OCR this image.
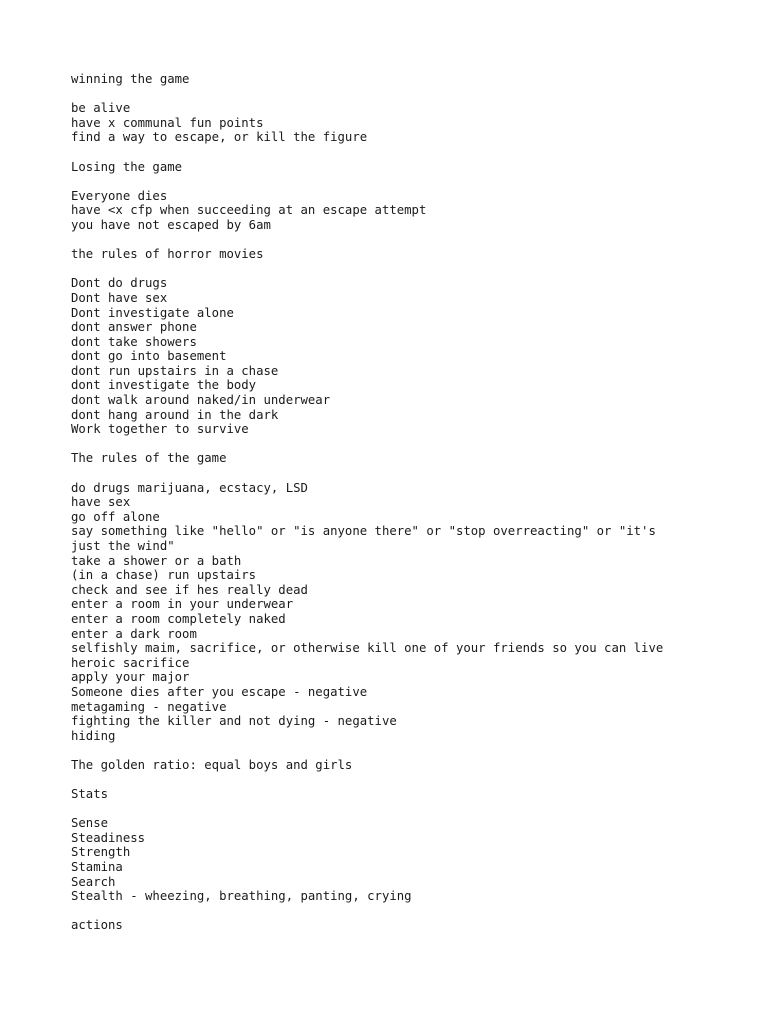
winning the game
be alive
have x communal fun points
find a way to escape, or kill the figure
Losing the game
Everyone dies
have <x cfp when succeeding at an escape attempt
you have not escaped by 6am
the rules of horror movies
Dont do drugs
Dont have sex
Dont investigate alone
dont answer phone
dont take showers
dont go into basement
dont run upstairs in a chase
dont investigate the body
dont walk around naked/in underwear
dont hang around in the dark
Work together to survive
The rules of the game
do drugs marijuana, ecstacy, LSD
have sex
go off alone
say something like "hello" or "is anyone there" or "stop overreacting" or "it's
just the wind"
take a shower or a bath
(in a chase) run upstairs
check and see if hes really dead
enter a room in your underwear
enter a room completely naked
enter a dark room
selfishly maim, sacrifice, or otherwise kill one of your friends so you can live
heroic sacrifice
apply your major
Someone dies after you escape - negative
metagaming - negative
fighting the killer and not dying - negative
hiding
The golden ratio: equal boys and girls
Stats
Sense
Steadiness
Strength
Stamina
Search
Stealth - wheezing, breathing, panting, crying
actions
